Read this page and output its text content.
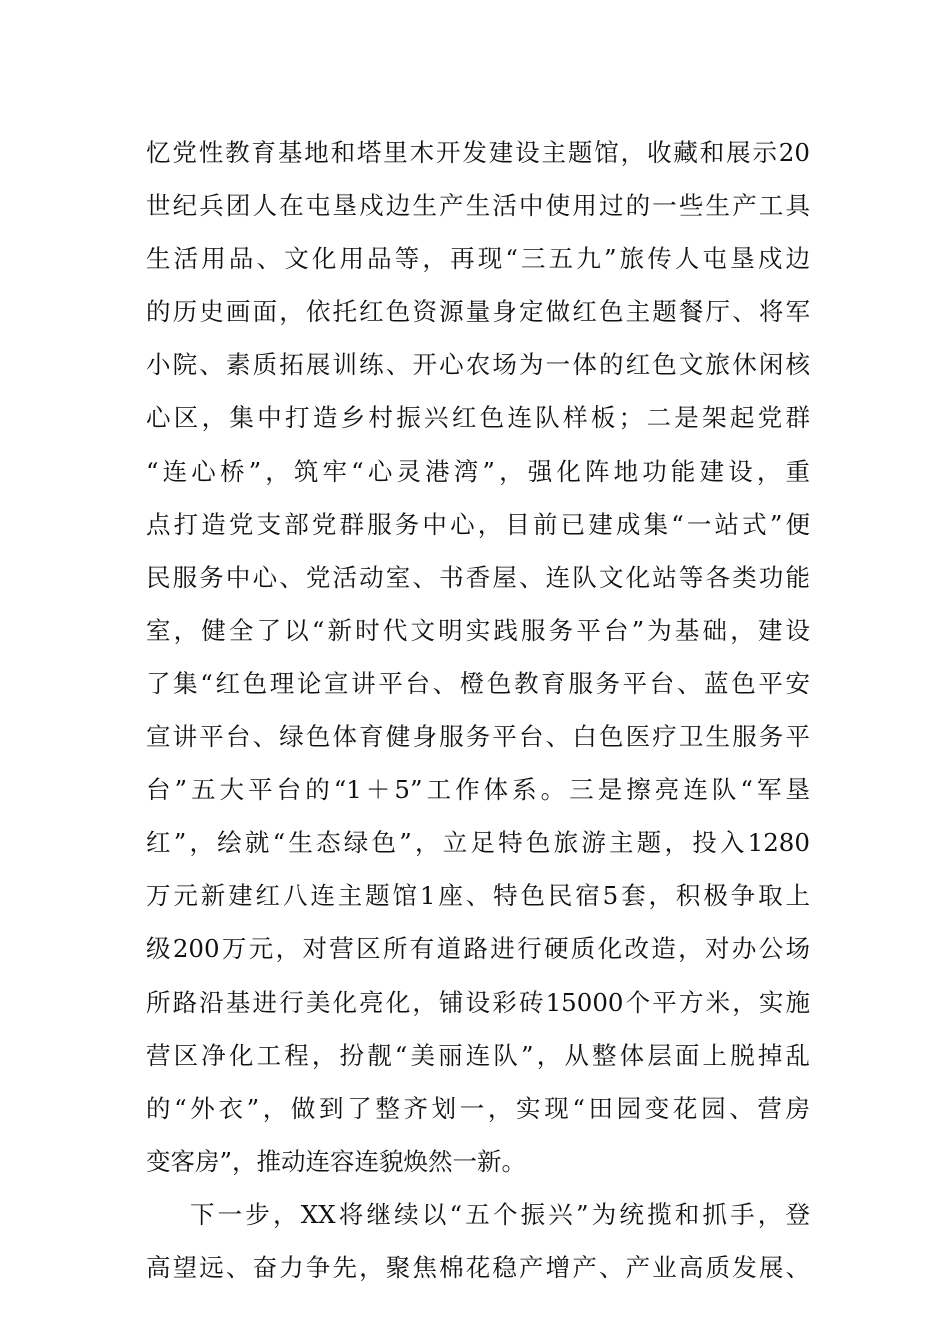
忆党性教育基地和塔里木开发建设主题馆，收藏和展示20
世纪兵团人在屯垦戍边生产生活中使用过的一些生产工具
生活用品、文化用品等，再现“三五九”旅传人屯垦戍边
的历史画面，依托红色资源量身定做红色主题餐厅、将军
小院、素质拓展训练、开心农场为一体的红色文旅休闲核
心区，集中打造乡村振兴红色连队样板；二是架起党群
“连心桥”，筑牢“心灵港湾”，强化阵地功能建设，重
点打造党支部党群服务中心，目前已建成集“一站式”便
民服务中心、党活动室、书香屋、连队文化站等各类功能
室，健全了以“新时代文明实践服务平台”为基础，建设
了集“红色理论宣讲平台、橙色教育服务平台、蓝色平安
宣讲平台、绿色体育健身服务平台、白色医疗卫生服务平
台”五大平台的“1＋5”工作体系。三是擦亮连队“军垦
红”，绘就“生态绿色”，立足特色旅游主题，投入1280
万元新建红八连主题馆1座、特色民宿5套，积极争取上
级200万元，对营区所有道路进行硬质化改造，对办公场
所路沿基进行美化亮化，铺设彩砖15000个平方米，实施
营区净化工程，扮靓“美丽连队”，从整体层面上脱掉乱
的“外衣”，做到了整齐划一，实现“田园变花园、营房
变客房”，推动连容连貌焕然一新。
下一步，XX将继续以“五个振兴”为统揽和抓手，登
高望远、奋力争先，聚焦棉花稳产增产、产业高质发展、
